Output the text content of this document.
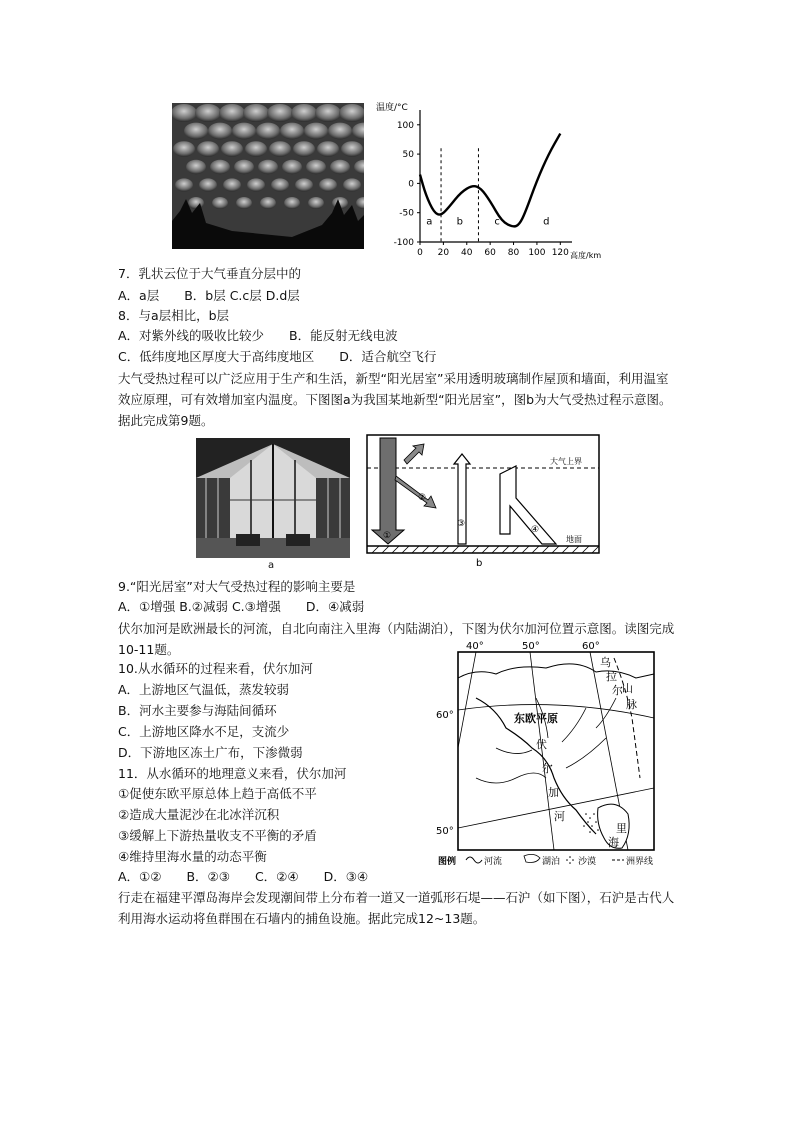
温度/°C
100
50
0
-50
-100
0 20 40 60 80 100 120
a b	c	d
高度/km
7．乳状云位于大气垂直分层中的
A．a层　　B．b层 C.c层 D.d层
8．与a层相比，b层
A．对紫外线的吸收比较少　　B．能反射无线电波
C．低纬度地区厚度大于高纬度地区　　D．适合航空飞行
大气受热过程可以广泛应用于生产和生活，新型“阳光居室”采用透明玻璃制作屋顶和墙面，利用温室效应原理，可有效增加室内温度。下图图a为我国某地新型“阳光居室”，图b为大气受热过程示意图。据此完成第9题。
a
大气上界
地面
①
②
③
④
b
9.“阳光居室”对大气受热过程的影响主要是
A．①增强 B.②减弱 C.③增强　　D．④减弱
伏尔加河是欧洲最长的河流，自北向南注入里海（内陆湖泊），下图为伏尔加河位置示意图。读图完成10-11题。	40°	50°	60°
60°
50°
东欧平原
伏
尔
加
河
乌
拉
尔 山
脉
里
海
图例	河流	湖泊 沙漠	洲界线
10.从水循环的过程来看，伏尔加河
A．上游地区气温低，蒸发较弱
B．河水主要参与海陆间循环
C．上游地区降水不足，支流少
D．下游地区冻土广布，下渗微弱
11．从水循环的地理意义来看，伏尔加河
①促使东欧平原总体上趋于高低不平
②造成大量泥沙在北冰洋沉积
③缓解上下游热量收支不平衡的矛盾
④维持里海水量的动态平衡
A．①②　　B．②③　　C．②④　　D．③④
行走在福建平潭岛海岸会发现潮间带上分布着一道又一道弧形石堤——石沪（如下图），石沪是古代人利用海水运动将鱼群围在石墙内的捕鱼设施。据此完成12~13题。
